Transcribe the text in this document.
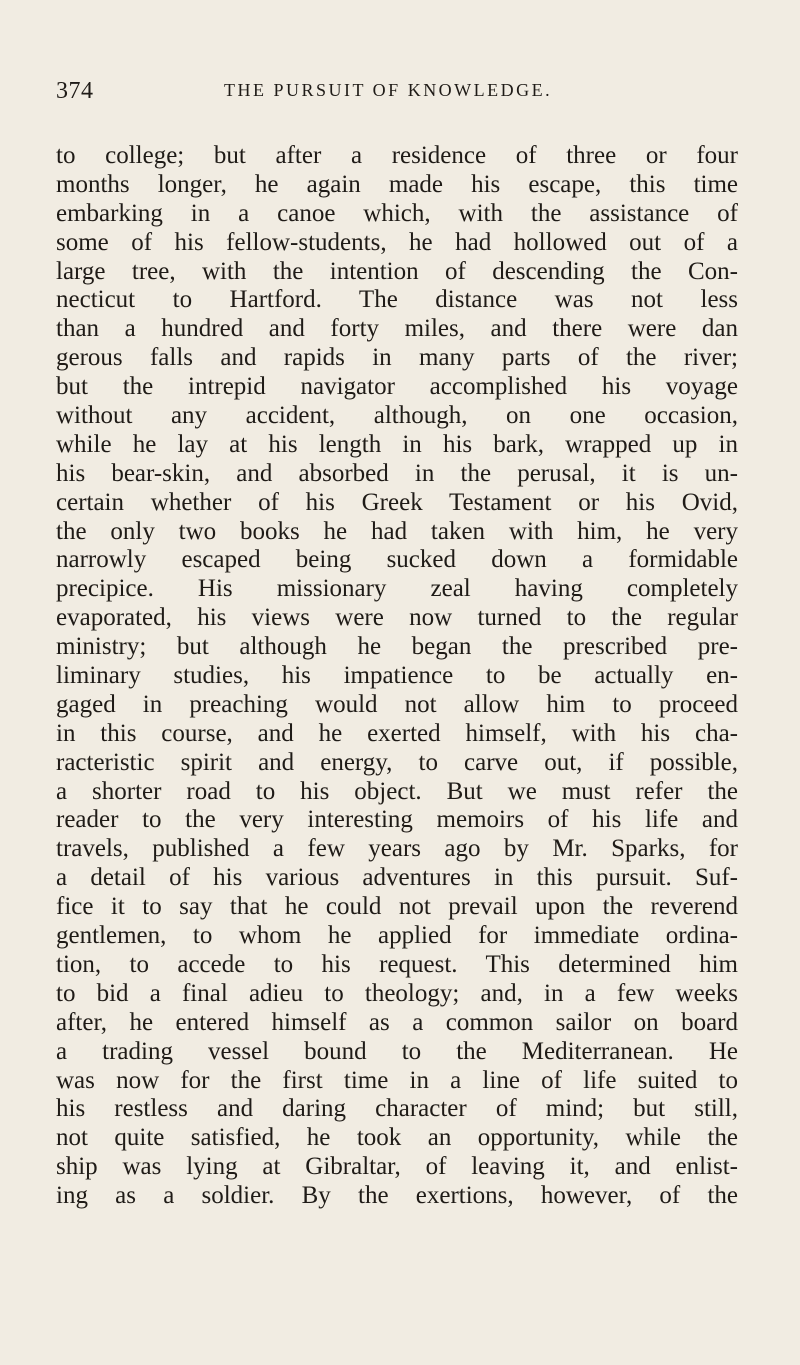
374	THE PURSUIT OF KNOWLEDGE.
to college; but after a residence of three or four
months longer, he again made his escape, this time
embarking in a canoe which, with the assistance of
some of his fellow-students, he had hollowed out of a
large tree, with the intention of descending the Con-
necticut to Hartford. The distance was not less
than a hundred and forty miles, and there were dan
gerous falls and rapids in many parts of the river;
but the intrepid navigator accomplished his voyage
without any accident, although, on one occasion,
while he lay at his length in his bark, wrapped up in
his bear-skin, and absorbed in the perusal, it is un-
certain whether of his Greek Testament or his Ovid,
the only two books he had taken with him, he very
narrowly escaped being sucked down a formidable
precipice. His missionary zeal having completely
evaporated, his views were now turned to the regular
ministry; but although he began the prescribed pre-
liminary studies, his impatience to be actually en-
gaged in preaching would not allow him to proceed
in this course, and he exerted himself, with his cha-
racteristic spirit and energy, to carve out, if possible,
a shorter road to his object. But we must refer the
reader to the very interesting memoirs of his life and
travels, published a few years ago by Mr. Sparks, for
a detail of his various adventures in this pursuit. Suf-
fice it to say that he could not prevail upon the reverend
gentlemen, to whom he applied for immediate ordina-
tion, to accede to his request. This determined him
to bid a final adieu to theology; and, in a few weeks
after, he entered himself as a common sailor on board
a trading vessel bound to the Mediterranean. He
was now for the first time in a line of life suited to
his restless and daring character of mind; but still,
not quite satisfied, he took an opportunity, while the
ship was lying at Gibraltar, of leaving it, and enlist-
ing as a soldier. By the exertions, however, of the
